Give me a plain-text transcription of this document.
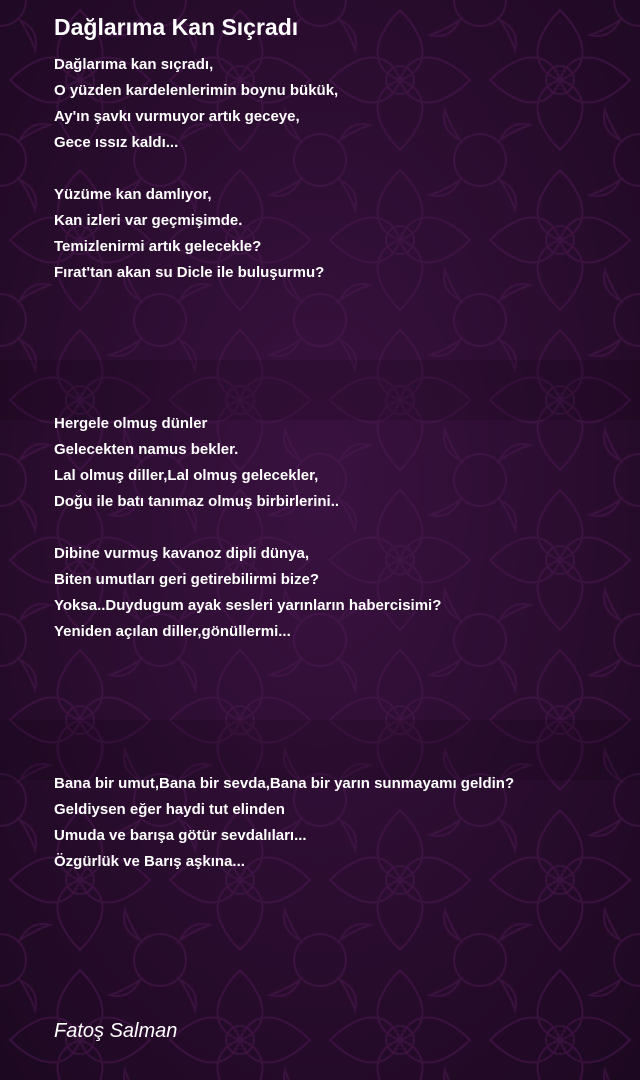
Dağlarıma Kan Sıçradı
Dağlarıma kan sıçradı,
O yüzden kardelenlerimin boynu bükük,
Ay'ın şavkı vurmuyor artık geceye,
Gece ıssız kaldı...
Yüzüme kan damlıyor,
Kan izleri var geçmişimde.
Temizlenirmi artık gelecekle?
Fırat'tan akan su Dicle ile buluşurmu?
Hergele olmuş dünler
Gelecekten namus bekler.
Lal olmuş diller,Lal olmuş gelecekler,
Doğu ile batı tanımaz olmuş birbirlerini..
Dibine vurmuş kavanoz dipli dünya,
Biten umutları geri getirebilirmi bize?
Yoksa..Duydugum ayak sesleri yarınların habercisimi?
Yeniden açılan diller,gönüllermi...
Bana bir umut,Bana bir sevda,Bana bir yarın sunmayamı geldin?
Geldiysen eğer haydi tut elinden
Umuda ve barışa götür sevdalıları...
Özgürlük ve Barış aşkına...
Fatoş Salman
